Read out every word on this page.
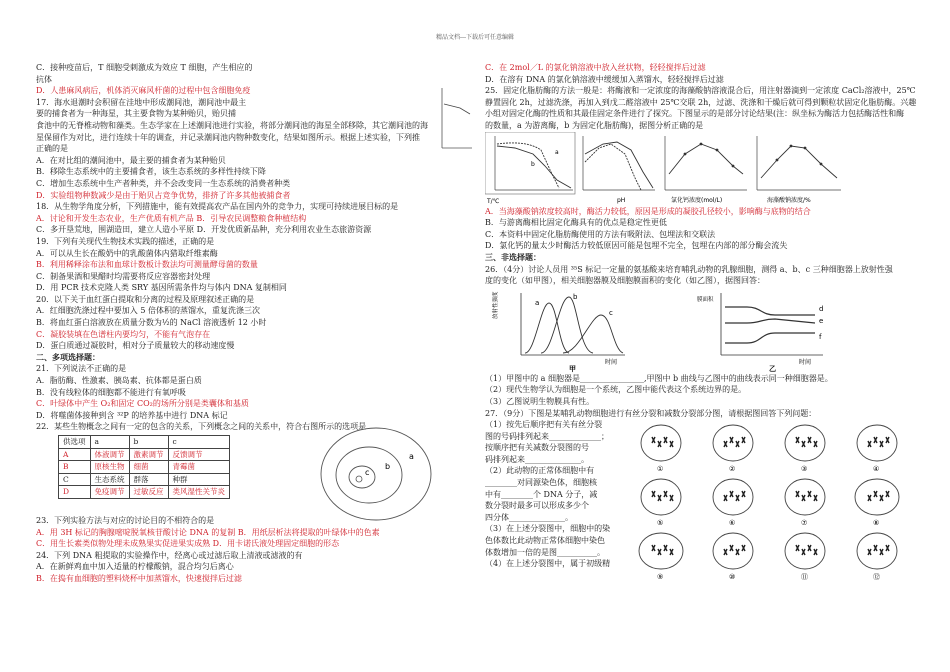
精品文档---下载后可任意编辑
C．接种疫苗后，T 细胞受刺激成为效应 T 细胞，产生相应的
抗体
D．人患麻风病后，机体消灭麻风杆菌的过程中包含细胞免疫
17．海水退潮时会积留在洼地中形成潮间池，潮间池中最主
要的捕食者为一种海星，其主要食物为某种贻贝，贻贝捕
食池中的无脊椎动物和藻类。生态学家在上述潮间池进行实验，将部分潮间池的海星全部移除，其它潮间池的海
星保留作为对比，进行连续十年的调查，并记录潮间池内物种数变化，结果如图所示。根据上述实验，下列推
正确的是
A．在对比组的潮间池中，最主要的捕食者为某种贻贝
B．移除生态系统中的主要捕食者，该生态系统的多样性持续下降
C．增加生态系统中生产者种类，并不会改变同一生态系统的消费者种类
D．实验组物种数减少是由于贻贝占竞争优势，排挤了许多其他被捕食者
18．从生物学角度分析，下列措施中，能有效提高农产品在国内外的竞争力，实现可持续进展目标的是
A．讨论和开发生态农业，生产优质有机产品 B．引导农民调整粮食种植结构
C．多开垦荒地，围湖造田，建立人造小平原 D．开发优质新品种，充分利用农业生态旅游资源
19．下列有关现代生物技术实践的描述，正确的是
A．可以从生长在酸奶中的乳酸菌体内猎取纤维素酶
B．利用稀释涂布法和血球计数板计数法均可测量酵母菌的数量
C．制备果酒和果醋时均需要将反应容器密封处理
D．用 PCR 技术克隆人类 SRY 基因所需条件均与体内 DNA 复制相同
20．以下关于血红蛋白提取和分离的过程及原理叙述正确的是
A．红细胞洗涤过程中要加入 5 倍体积的蒸馏水，重复洗涤三次
B．将血红蛋白溶液放在质量分数为¹⁄₂的 NaCl 溶液透析 12 小时
C．凝胶装填在色谱柱内要均匀，不能有气泡存在
D．蛋白质通过凝胶时，相对分子质量较大的移动速度慢
二、多项选择题：
21．下列说法不正确的是
A．脂肪酶、性激素、胰岛素、抗体都是蛋白质
B．没有线粒体的细胞都不能进行有氧呼吸
C．叶绿体中产生 O₂和固定 CO₂的场所分别是类囊体和基质
D．将噬菌体接种到含 ³²P 的培养基中进行 DNA 标记
22．某些生物概念之间有一定的包含的关系，下列概念之间的关系中，符合右图所示的选项是
供选项	a	b	c
A	体液调节	激素调节	反馈调节
B	原核生物	细菌	青霉菌
C	生态系统	群落	种群
D	免疫调节	过敏反应	类风湿性关节炎
a
b
c
23．下列实验方法与对应的讨论目的不相符合的是
A．用 3H 标记的胸腺嘧啶脱氧核苷酸讨论 DNA 的复制 B．用纸层析法将提取的叶绿体中的色素
C．用生长素类似物处理未成熟果实促进果实成熟 D．用卡诺氏液处理固定细胞的形态
24．下列 DNA 粗提取的实验操作中，经离心或过滤后取上清液或滤液的有
A．在新鲜鸡血中加入适量的柠檬酸钠，混合均匀后离心
B．在捣有血细胞的塑料烧杯中加蒸馏水，快速搅拌后过滤
C．在 2mol／L 的氯化钠溶液中放入丝状物，轻轻搅拌后过滤
D．在溶有 DNA 的氯化钠溶液中缓缓加入蒸馏水，轻轻搅拌后过滤
25．固定化脂肪酶的方法一般是：将酶液和一定浓度的海藻酸钠溶液混合后，用注射器滴到一定浓度 CaCl₂溶液中，25℃
静置固化 2h，过滤洗涤，再加入到戊二醛溶液中 25℃交联 2h，过滤、洗涤和干燥后就可得到颗粒状固定化脂肪酶。兴趣
小组对固定化酶的性质和其最佳固定条件进行了探究。下图显示的是部分讨论结果(注：纵坐标为酶活力包括酶活性和酶
的数量，a 为游离酶，b 为固定化脂肪酶)，据图分析正确的是
a
b
T/℃	pH	氯化钙浓度(mol/L)	海藻酸钠浓度/%
A．当海藻酸钠浓度较高时，酶活力较低，原因是形成的凝胶孔径较小，影响酶与底物的结合
B．与游离酶相比固定化酶具有的优点是稳定性更低
C．本资料中固定化脂肪酶使用的方法有吸附法、包埋法和交联法
D．氯化钙的量太少时酶活力较低原因可能是包埋不完全，包埋在内部的部分酶会流失
三、非选择题：
26．（4分）讨论人员用 ³⁵S 标记一定量的氨基酸来培育哺乳动物的乳腺细胞，测得 a、b、c 三种细胞器上放射性强
度的变化（如甲图），相关细胞器膜及细胞膜面积的变化（如乙图），据图回答：
a
b
c
放射性强度
时间
甲
d
e
f
膜面积
时间
乙
（1）甲图中的 a 细胞器是________________,甲图中 b 曲线与乙图中的曲线表示同一种细胞器是。
（2）现代生物学认为细胞是一个系统，乙图中能代表这个系统边界的是。
（3）乙图说明生物膜具有性。
27．（9分）下图是某哺乳动物细胞进行有丝分裂和减数分裂部分图，请根据图回答下列问题：
（1）按先后顺序把有关有丝分裂
图的号码排列起来_____________；
按顺序把有关减数分裂图的号
码排列起来______________。
（2）此动物的正常体细胞中有
________对同源染色体，细胞核
中有________个 DNA 分子，减
数分裂时最多可以形成多少个
四分体______________。
（3）在上述分裂图中，细胞中的染
色体数比此动物正常体细胞中染色
体数增加一倍的是图__________。
（4）在上述分裂图中，属于初级精
①	②	③	④
⑤	⑥	⑦	⑧
⑨	⑩	⑪	⑫
